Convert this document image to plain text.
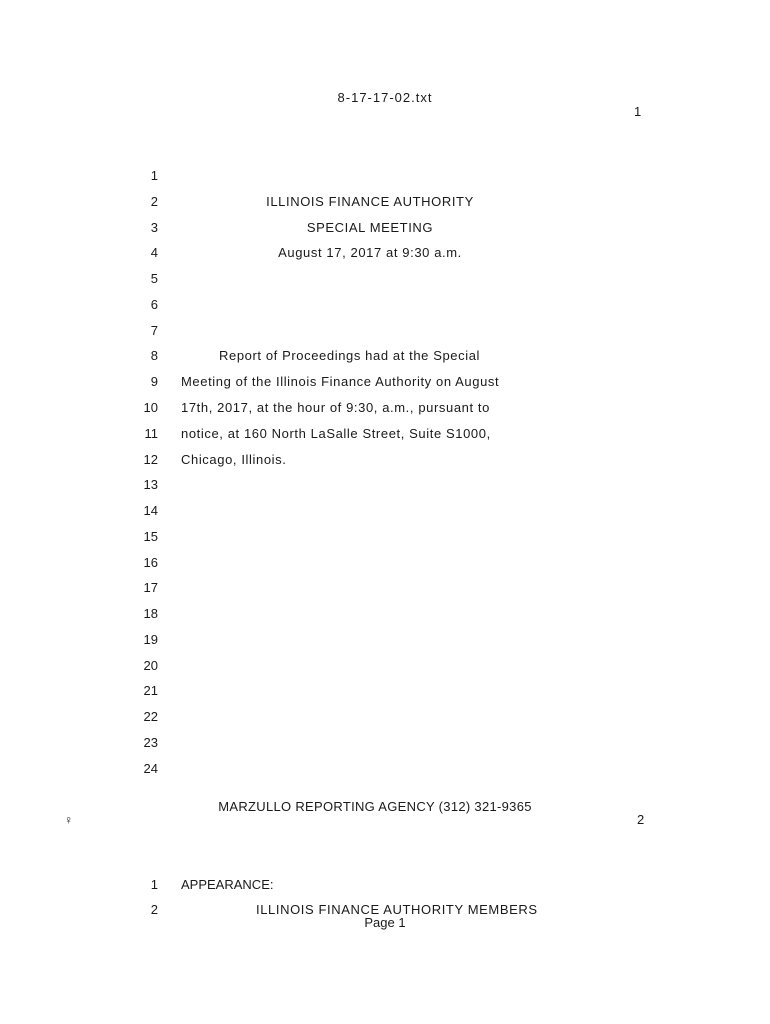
8-17-17-02.txt
1
1
2
3
4
5
6
7
8
9
10
11
12
13
14
15
16
17
18
19
20
21
22
23
24
ILLINOIS FINANCE AUTHORITY
SPECIAL MEETING
August 17, 2017 at 9:30 a.m.
Report of Proceedings had at the Special
Meeting of the Illinois Finance Authority on August
17th, 2017, at the hour of 9:30, a.m., pursuant to
notice, at 160 North LaSalle Street, Suite S1000,
Chicago, Illinois.
MARZULLO REPORTING AGENCY (312) 321-9365
♀	2
1 APPEARANCE:
2	ILLINOIS FINANCE AUTHORITY MEMBERS
Page 1
